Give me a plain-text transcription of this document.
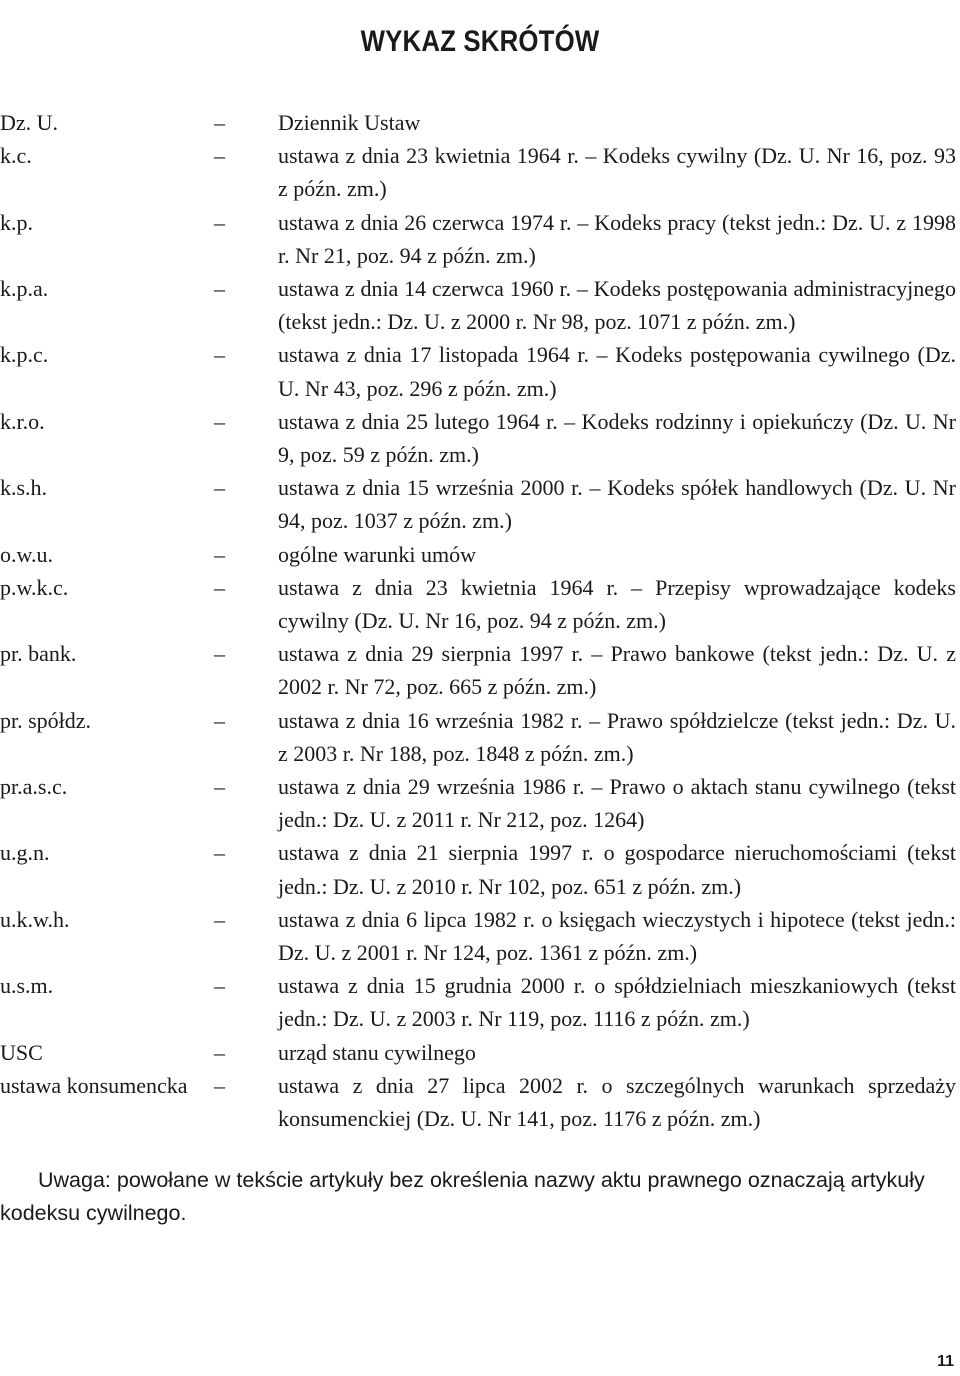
WYKAZ SKRÓTÓW
Dz. U.	– Dziennik Ustaw
k.c.	– ustawa z dnia 23 kwietnia 1964 r. – Kodeks cywilny (Dz. U. Nr 16, poz. 93 z późn. zm.)
k.p.	– ustawa z dnia 26 czerwca 1974 r. – Kodeks pracy (tekst jedn.: Dz. U. z 1998 r. Nr 21, poz. 94 z późn. zm.)
k.p.a.	– ustawa z dnia 14 czerwca 1960 r. – Kodeks postępowania administracyjnego (tekst jedn.: Dz. U. z 2000 r. Nr 98, poz. 1071 z późn. zm.)
k.p.c.	– ustawa z dnia 17 listopada 1964 r. – Kodeks postępowania cywilnego (Dz. U. Nr 43, poz. 296 z późn. zm.)
k.r.o.	– ustawa z dnia 25 lutego 1964 r. – Kodeks rodzinny i opiekuńczy (Dz. U. Nr 9, poz. 59 z późn. zm.)
k.s.h.	– ustawa z dnia 15 września 2000 r. – Kodeks spółek handlowych (Dz. U. Nr 94, poz. 1037 z późn. zm.)
o.w.u.	– ogólne warunki umów
p.w.k.c.	– ustawa z dnia 23 kwietnia 1964 r. – Przepisy wprowadzające kodeks cywilny (Dz. U. Nr 16, poz. 94 z późn. zm.)
pr. bank.	– ustawa z dnia 29 sierpnia 1997 r. – Prawo bankowe (tekst jedn.: Dz. U. z 2002 r. Nr 72, poz. 665 z późn. zm.)
pr. spółdz.	– ustawa z dnia 16 września 1982 r. – Prawo spółdzielcze (tekst jedn.: Dz. U. z 2003 r. Nr 188, poz. 1848 z późn. zm.)
pr.a.s.c.	– ustawa z dnia 29 września 1986 r. – Prawo o aktach stanu cywilnego (tekst jedn.: Dz. U. z 2011 r. Nr 212, poz. 1264)
u.g.n.	– ustawa z dnia 21 sierpnia 1997 r. o gospodarce nieruchomościami (tekst jedn.: Dz. U. z 2010 r. Nr 102, poz. 651 z późn. zm.)
u.k.w.h.	– ustawa z dnia 6 lipca 1982 r. o księgach wieczystych i hipotece (tekst jedn.: Dz. U. z 2001 r. Nr 124, poz. 1361 z późn. zm.)
u.s.m.	– ustawa z dnia 15 grudnia 2000 r. o spółdzielniach mieszkaniowych (tekst jedn.: Dz. U. z 2003 r. Nr 119, poz. 1116 z późn. zm.)
USC	– urząd stanu cywilnego
ustawa konsumencka – ustawa z dnia 27 lipca 2002 r. o szczególnych warunkach sprzedaży konsumenckiej (Dz. U. Nr 141, poz. 1176 z późn. zm.)

Uwaga: powołane w tekście artykuły bez określenia nazwy aktu prawnego oznaczają artykuły kodeksu cywilnego.

11
